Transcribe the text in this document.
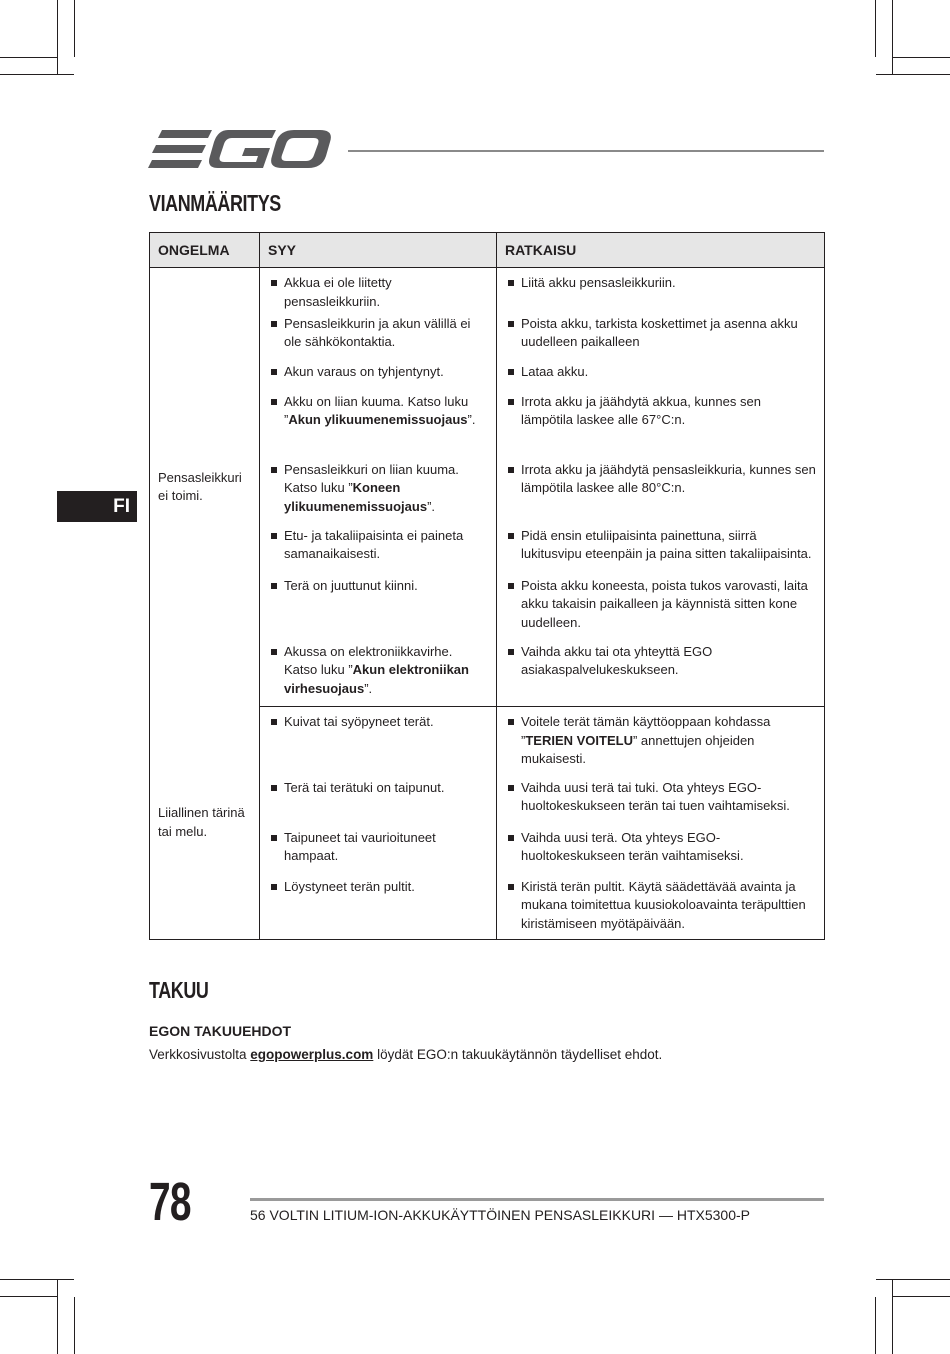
VIANMÄÄRITYS
FI
ONGELMA	SYY	RATKAISU
Pensasleikkuri ei toimi.	Akkua ei ole liitetty pensasleikkuriin.	Liitä akku pensasleikkuriin.

	Pensasleikkurin ja akun välillä ei ole sähkökontaktia.	Poista akku, tarkista koskettimet ja asenna akku uudelleen paikalleen

	Akun varaus on tyhjentynyt.	Lataa akku.

	Akku on liian kuuma. Katso luku ”Akun ylikuumenemissuojaus”.	Irrota akku ja jäähdytä akkua, kunnes sen lämpötila laskee alle 67°C:n.

	Pensasleikkuri on liian kuuma. Katso luku ”Koneen ylikuumenemissuojaus”.	Irrota akku ja jäähdytä pensasleikkuria, kunnes sen lämpötila laskee alle 80°C:n.

	Etu- ja takaliipaisinta ei paineta samanaikaisesti.	Pidä ensin etuliipaisinta painettuna, siirrä lukitusvipu eteenpäin ja paina sitten takaliipaisinta.

	Terä on juuttunut kiinni.	Poista akku koneesta, poista tukos varovasti, laita akku takaisin paikalleen ja käynnistä sitten kone uudelleen.

	Akussa on elektroniikkavirhe. Katso luku ”Akun elektroniikan virhesuojaus”.	Vaihda akku tai ota yhteyttä EGO asiakaspalvelukeskukseen.

Liiallinen tärinä tai melu.	Kuivat tai syöpyneet terät.	Voitele terät tämän käyttöoppaan kohdassa ”TERIEN VOITELU” annettujen ohjeiden mukaisesti.

	Terä tai terätuki on taipunut.	Vaihda uusi terä tai tuki. Ota yhteys EGO-huoltokeskukseen terän tai tuen vaihtamiseksi.

	Taipuneet tai vaurioituneet hampaat.	Vaihda uusi terä. Ota yhteys EGO-huoltokeskukseen terän vaihtamiseksi.

	Löystyneet terän pultit.	Kiristä terän pultit. Käytä säädettävää avainta ja mukana toimitettua kuusiokoloavainta teräpulttien kiristämiseen myötäpäivään.
TAKUU
EGON TAKUUEHDOT

Verkkosivustolta egopowerplus.com löydät EGO:n takuukäytännön täydelliset ehdot.

78	56 VOLTIN LITIUM-ION-AKKUKÄYTTÖINEN PENSASLEIKKURI — HTX5300-P
